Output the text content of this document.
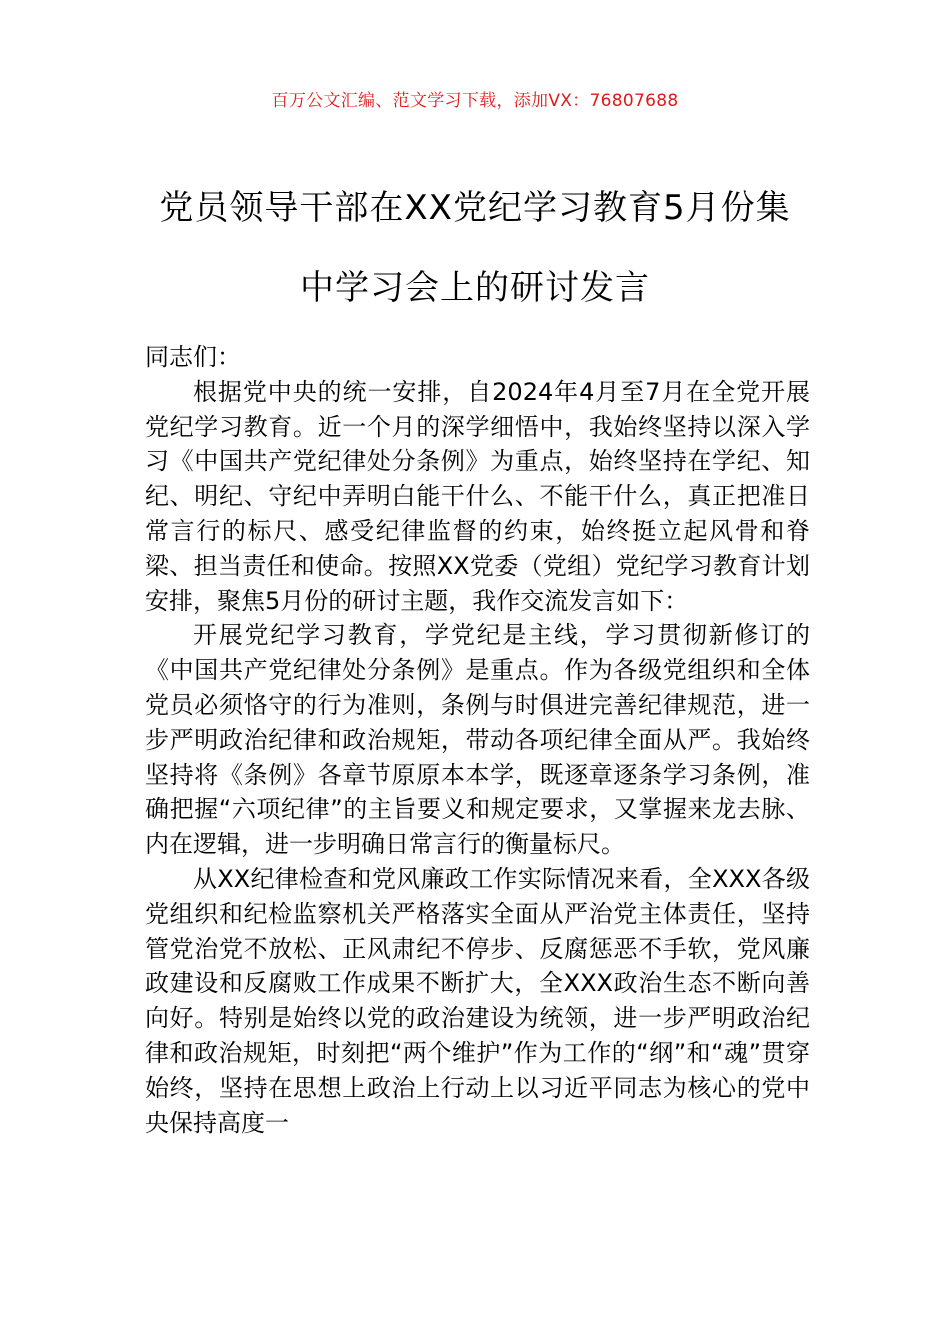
百万公文汇编、范文学习下载，添加VX：76807688
党员领导干部在XX党纪学习教育5月份集
中学习会上的研讨发言

同志们：

根据党中央的统一安排，自2024年4月至7月在全党开展党纪学习教育。近一个月的深学细悟中，我始终坚持以深入学习《中国共产党纪律处分条例》为重点，始终坚持在学纪、知纪、明纪、守纪中弄明白能干什么、不能干什么，真正把准日常言行的标尺、感受纪律监督的约束，始终挺立起风骨和脊梁、担当责任和使命。按照XX党委（党组）党纪学习教育计划安排，聚焦5月份的研讨主题，我作交流发言如下：

开展党纪学习教育，学党纪是主线，学习贯彻新修订的《中国共产党纪律处分条例》是重点。作为各级党组织和全体党员必须恪守的行为准则，条例与时俱进完善纪律规范，进一步严明政治纪律和政治规矩，带动各项纪律全面从严。我始终坚持将《条例》各章节原原本本学，既逐章逐条学习条例，准确把握“六项纪律”的主旨要义和规定要求，又掌握来龙去脉、内在逻辑，进一步明确日常言行的衡量标尺。

从XX纪律检查和党风廉政工作实际情况来看，全XXX各级党组织和纪检监察机关严格落实全面从严治党主体责任，坚持管党治党不放松、正风肃纪不停步、反腐惩恶不手软，党风廉政建设和反腐败工作成果不断扩大，全XXX政治生态不断向善向好。特别是始终以党的政治建设为统领，进一步严明政治纪律和政治规矩，时刻把“两个维护”作为工作的“纲”和“魂”贯穿始终，坚持在思想上政治上行动上以习近平同志为核心的党中央保持高度一
